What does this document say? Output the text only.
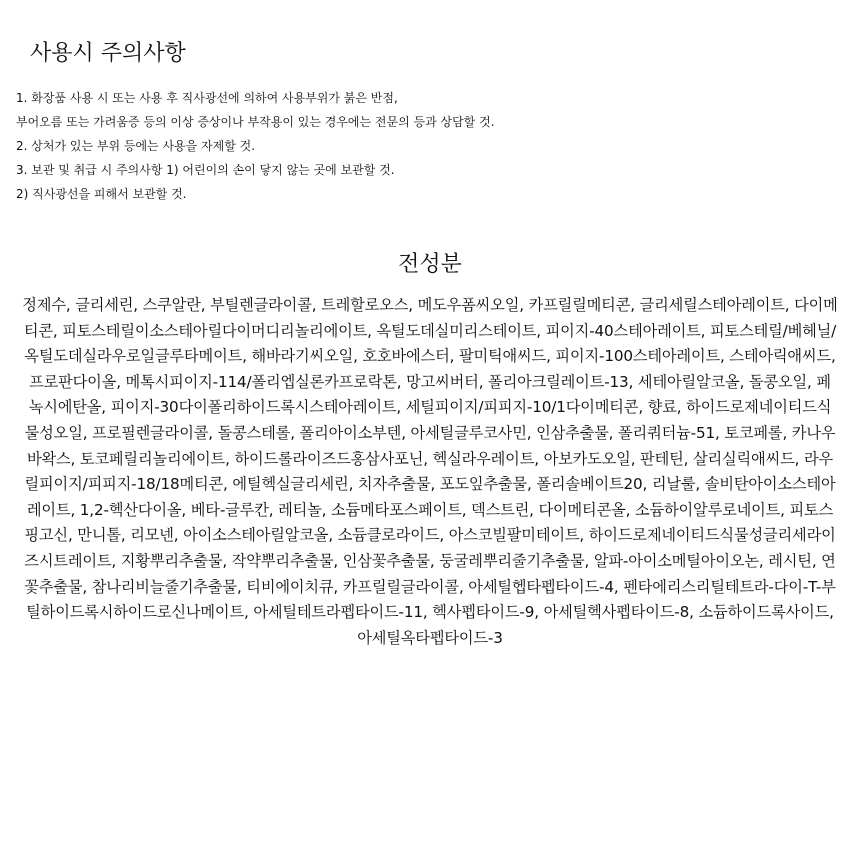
사용시 주의사항
1. 화장품 사용 시 또는 사용 후 직사광선에 의하여 사용부위가 붉은 반점,
부어오름 또는 가려움증 등의 이상 증상이나 부작용이 있는 경우에는 전문의 등과 상담할 것.
2. 상처가 있는 부위 등에는 사용을 자제할 것.
3. 보관 및 취급 시 주의사항 1) 어린이의 손이 닿지 않는 곳에 보관할 것.
2) 직사광선을 피해서 보관할 것.
전성분

정제수, 글리세린, 스쿠알란, 부틸렌글라이콜, 트레할로오스, 메도우폼씨오일, 카프릴릴메티콘, 글리세릴스테아레이트, 다이메티콘, 피토스테릴이소스테아릴다이머디리놀리에이트, 옥틸도데실미리스테이트, 피이지-40스테아레이트, 피토스테릴/베헤닐/옥틸도데실라우로일글루타메이트, 해바라기씨오일, 호호바에스터, 팔미틱애씨드, 피이지-100스테아레이트, 스테아릭애씨드, 프로판다이올, 메톡시피이지-114/폴리엡실론카프로락톤, 망고씨버터, 폴리아크릴레이트-13, 세테아릴알코올, 돌콩오일, 페녹시에탄올, 피이지-30다이폴리하이드록시스테아레이트, 세틸피이지/피피지-10/1다이메티콘, 향료, 하이드로제네이티드식물성오일, 프로필렌글라이콜, 돌콩스테롤, 폴리아이소부텐, 아세틸글루코사민, 인삼추출물, 폴리쿼터늄-51, 토코페롤, 카나우바왁스, 토코페릴리놀리에이트, 하이드롤라이즈드홍삼사포닌, 헥실라우레이트, 아보카도오일, 판테틴, 살리실릭애씨드, 라우릴피이지/피피지-18/18메티콘, 에틸헥실글리세린, 치자추출물, 포도잎추출물, 폴리솔베이트20, 리날룰, 솔비탄아이소스테아레이트, 1,2-헥산다이올, 베타-글루칸, 레티놀, 소듐메타포스페이트, 덱스트린, 다이메티콘올, 소듐하이알루로네이트, 피토스핑고신, 만니톨, 리모넨, 아이소스테아릴알코올, 소듐클로라이드, 아스코빌팔미테이트, 하이드로제네이티드식물성글리세라이즈시트레이트, 지황뿌리추출물, 작약뿌리추출물, 인삼꽃추출물, 둥굴레뿌리줄기추출물, 알파-아이소메틸아이오논, 레시틴, 연꽃추출물, 참나리비늘줄기추출물, 티비에이치큐, 카프릴릴글라이콜, 아세틸헵타펩타이드-4, 펜타에리스리틸테트라-다이-T-부틸하이드록시하이드로신나메이트, 아세틸테트라펩타이드-11, 헥사펩타이드-9, 아세틸헥사펩타이드-8, 소듐하이드록사이드, 아세틸옥타펩타이드-3
